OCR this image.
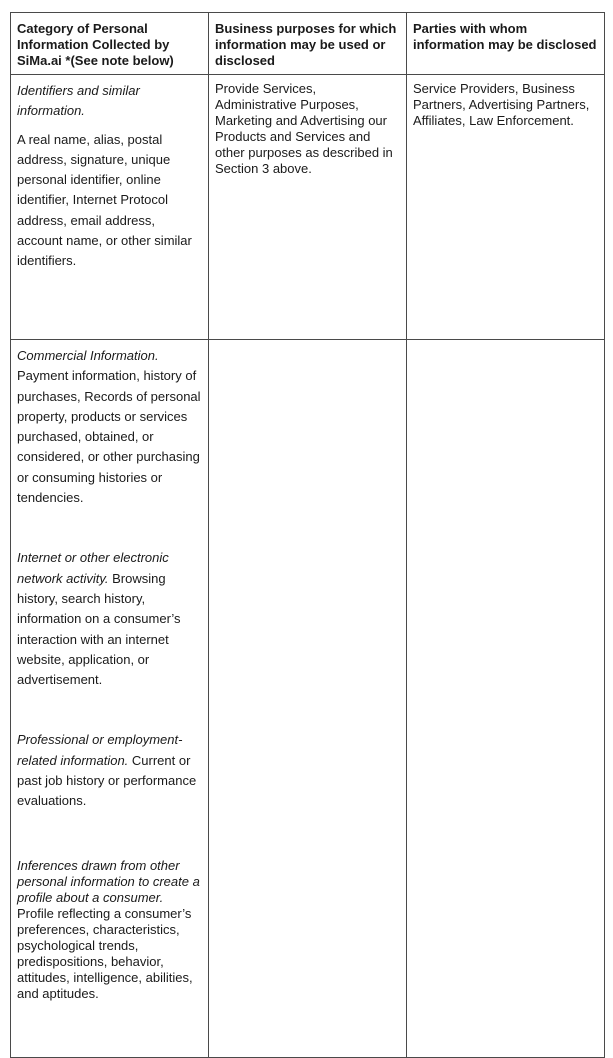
Category of Personal Information Collected by SiMa.ai *(See note below)	Business purposes for which information may be used or disclosed	Parties with whom information may be disclosed

Identifiers and similar information.

A real name, alias, postal address, signature, unique personal identifier, online identifier, Internet Protocol address, email address, account name, or other similar identifiers.	Provide Services, Administrative Purposes, Marketing and Advertising our Products and Services and other purposes as described in Section 3 above.	Service Providers, Business Partners, Advertising Partners, Affiliates, Law Enforcement.

Commercial Information. Payment information, history of purchases, Records of personal property, products or services purchased, obtained, or considered, or other purchasing or consuming histories or tendencies.

Internet or other electronic network activity. Browsing history, search history, information on a consumer’s interaction with an internet website, application, or advertisement.

Professional or employment-related information. Current or past job history or performance evaluations.

Inferences drawn from other personal information to create a profile about a consumer. Profile reflecting a consumer’s preferences, characteristics, psychological trends, predispositions, behavior, attitudes, intelligence, abilities, and aptitudes.		
